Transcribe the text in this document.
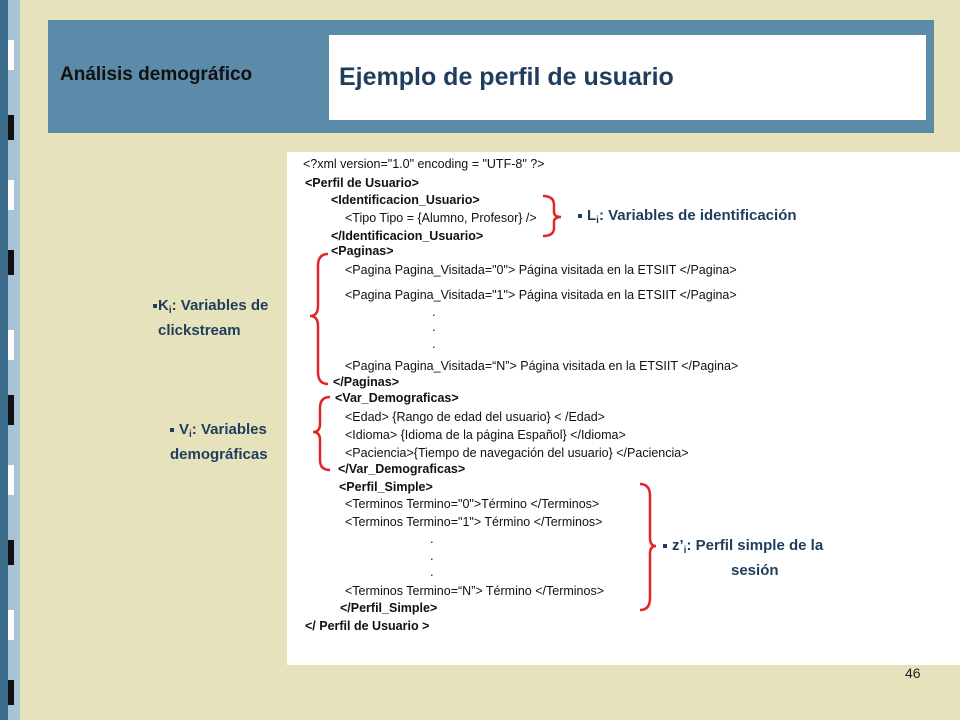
Análisis demográfico	Ejemplo de perfil de usuario
<?xml version="1.0" encoding = "UTF-8" ?>
<Perfil de Usuario>
<Identificacion_Usuario>
<Tipo Tipo = {Alumno, Profesor} />
</Identificacion_Usuario>
<Paginas>
<Pagina Pagina_Visitada="0"> Página visitada en la ETSIIT </Pagina>
<Pagina Pagina_Visitada="1"> Página visitada en la ETSIIT </Pagina>
.
.
.
<Pagina Pagina_Visitada=“N”> Página visitada en la ETSIIT </Pagina>
</Paginas>
<Var_Demograficas>
<Edad> {Rango de edad del usuario} < /Edad>
<Idioma> {Idioma de la página Español} </Idioma>
<Paciencia>{Tiempo de navegación del usuario} </Paciencia>
</Var_Demograficas>
<Perfil_Simple>
<Terminos Termino="0">Término </Terminos>
<Terminos Termino="1"> Término </Terminos>
.
.
.
<Terminos Termino=“N”> Término </Terminos>
</Perfil_Simple>
</ Perfil de Usuario >
$L_i$: Variables de identificación
$K_i$: Variables de
clickstream
$V_i$: Variables
demográficas
$z’_i$: Perfil simple de la
sesión
46
